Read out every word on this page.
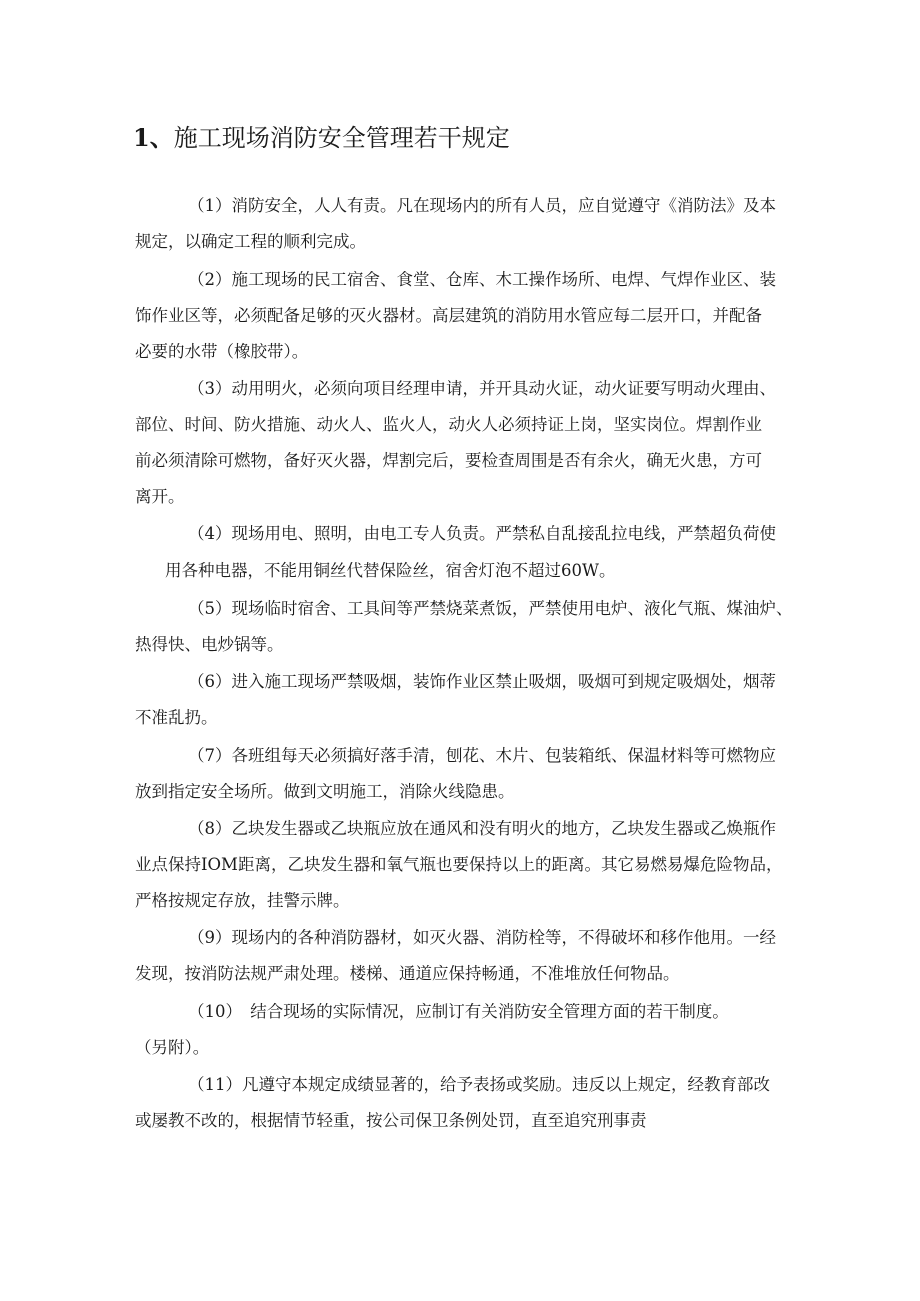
1、施工现场消防安全管理若干规定

（1）消防安全，人人有责。凡在现场内的所有人员，应自觉遵守《消防法》及本

规定，以确定工程的顺利完成。

（2）施工现场的民工宿舍、食堂、仓库、木工操作场所、电焊、气焊作业区、装

饰作业区等，必须配备足够的灭火器材。高层建筑的消防用水管应每二层开口，并配备

必要的水带（橡胶带）。

（3）动用明火，必须向项目经理申请，并开具动火证，动火证要写明动火理由、

部位、时间、防火措施、动火人、监火人，动火人必须持证上岗，坚实岗位。焊割作业

前必须清除可燃物，备好灭火器，焊割完后，要检查周围是否有余火，确无火患，方可

离开。

（4）现场用电、照明，由电工专人负责。严禁私自乱接乱拉电线，严禁超负荷使

用各种电器，不能用铜丝代替保险丝，宿舍灯泡不超过60W。

（5）现场临时宿舍、工具间等严禁烧菜煮饭，严禁使用电炉、液化气瓶、煤油炉、

热得快、电炒锅等。

（6）进入施工现场严禁吸烟，装饰作业区禁止吸烟，吸烟可到规定吸烟处，烟蒂

不准乱扔。

（7）各班组每天必须搞好落手清，刨花、木片、包装箱纸、保温材料等可燃物应

放到指定安全场所。做到文明施工，消除火线隐患。

（8）乙块发生器或乙块瓶应放在通风和没有明火的地方，乙块发生器或乙焕瓶作

业点保持IOM距离，乙块发生器和氧气瓶也要保持以上的距离。其它易燃易爆危险物品，

严格按规定存放，挂警示牌。

（9）现场内的各种消防器材，如灭火器、消防栓等，不得破坏和移作他用。一经

发现，按消防法规严肃处理。楼梯、通道应保持畅通，不准堆放任何物品。

（10）　结合现场的实际情况，应制订有关消防安全管理方面的若干制度。

（另附）。

（11）凡遵守本规定成绩显著的，给予表扬或奖励。违反以上规定，经教育部改

或屡教不改的，根据情节轻重，按公司保卫条例处罚，直至追究刑事责
